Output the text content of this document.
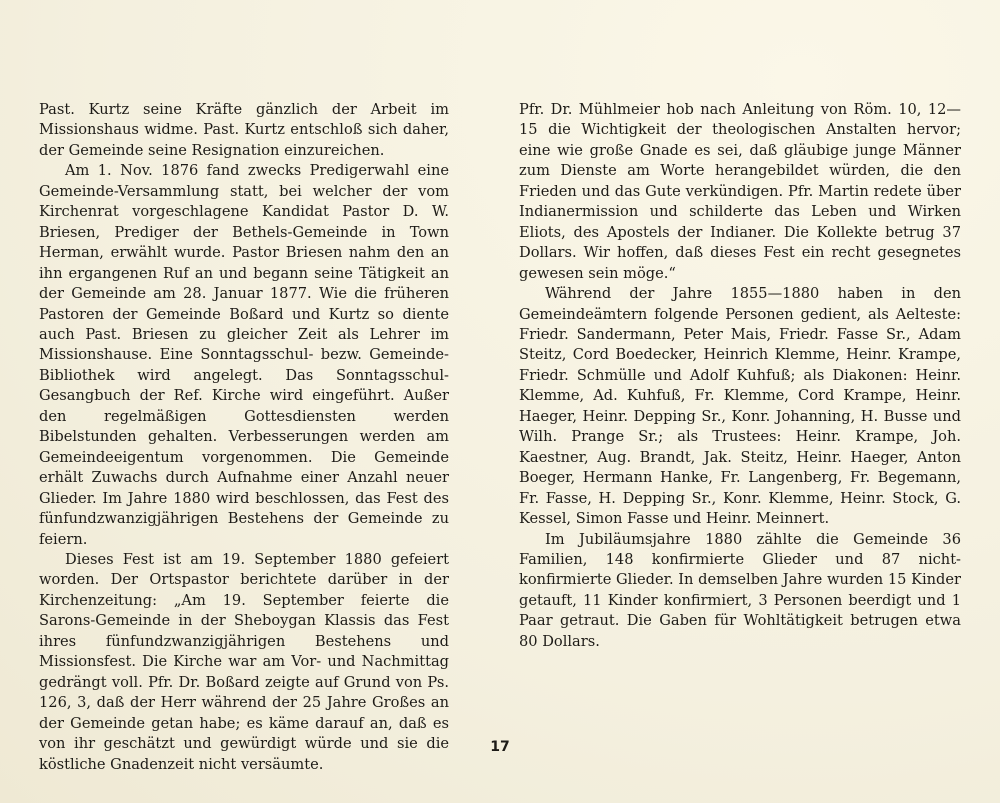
Past. Kurtz seine Kräfte gänzlich der Arbeit im Missionshaus widme. Past. Kurtz entschloß sich daher, der Gemeinde seine Resignation einzureichen.

Am 1. Nov. 1876 fand zwecks Predigerwahl eine Gemeinde-Versammlung statt, bei welcher der vom Kirchenrat vorgeschlagene Kandidat Pastor D. W. Briesen, Prediger der Bethels-Gemeinde in Town Herman, erwählt wurde. Pastor Briesen nahm den an ihn ergangenen Ruf an und begann seine Tätigkeit an der Gemeinde am 28. Januar 1877. Wie die früheren Pastoren der Gemeinde Boßard und Kurtz so diente auch Past. Briesen zu gleicher Zeit als Lehrer im Missionshause. Eine Sonntagsschul- bezw. Gemeinde-Bibliothek wird angelegt. Das Sonntagsschul-Gesangbuch der Ref. Kirche wird eingeführt. Außer den regelmäßigen Gottesdiensten werden Bibelstunden gehalten. Verbesserungen werden am Gemeindeeigentum vorgenommen. Die Gemeinde erhält Zuwachs durch Aufnahme einer Anzahl neuer Glieder. Im Jahre 1880 wird beschlossen, das Fest des fünfundzwanzigjährigen Bestehens der Gemeinde zu feiern.

Dieses Fest ist am 19. September 1880 gefeiert worden. Der Ortspastor berichtete darüber in der Kirchenzeitung: „Am 19. September feierte die Sarons-Gemeinde in der Sheboygan Klassis das Fest ihres fünfundzwanzigjährigen Bestehens und Missionsfest. Die Kirche war am Vor- und Nachmittag gedrängt voll. Pfr. Dr. Boßard zeigte auf Grund von Ps. 126, 3, daß der Herr während der 25 Jahre Großes an der Gemeinde getan habe; es käme darauf an, daß es von ihr geschätzt und gewürdigt würde und sie die köstliche Gnadenzeit nicht versäumte.

Pfr. Dr. Mühlmeier hob nach Anleitung von Röm. 10, 12—15 die Wichtigkeit der theologischen Anstalten hervor; eine wie große Gnade es sei, daß gläubige junge Männer zum Dienste am Worte herangebildet würden, die den Frieden und das Gute verkündigen. Pfr. Martin redete über Indianermission und schilderte das Leben und Wirken Eliots, des Apostels der Indianer. Die Kollekte betrug 37 Dollars. Wir hoffen, daß dieses Fest ein recht gesegnetes gewesen sein möge.“

Während der Jahre 1855—1880 haben in den Gemeindeämtern folgende Personen gedient, als Aelteste: Friedr. Sandermann, Peter Mais, Friedr. Fasse Sr., Adam Steitz, Cord Boedecker, Heinrich Klemme, Heinr. Krampe, Friedr. Schmülle und Adolf Kuhfuß; als Diakonen: Heinr. Klemme, Ad. Kuhfuß, Fr. Klemme, Cord Krampe, Heinr. Haeger, Heinr. Depping Sr., Konr. Johanning, H. Busse und Wilh. Prange Sr.; als Trustees: Heinr. Krampe, Joh. Kaestner, Aug. Brandt, Jak. Steitz, Heinr. Haeger, Anton Boeger, Hermann Hanke, Fr. Langenberg, Fr. Begemann, Fr. Fasse, H. Depping Sr., Konr. Klemme, Heinr. Stock, G. Kessel, Simon Fasse und Heinr. Meinnert.

Im Jubiläumsjahre 1880 zählte die Gemeinde 36 Familien, 148 konfirmierte Glieder und 87 nicht-konfirmierte Glieder. In demselben Jahre wurden 15 Kinder getauft, 11 Kinder konfirmiert, 3 Personen beerdigt und 1 Paar getraut. Die Gaben für Wohltätigkeit betrugen etwa 80 Dollars.

17
